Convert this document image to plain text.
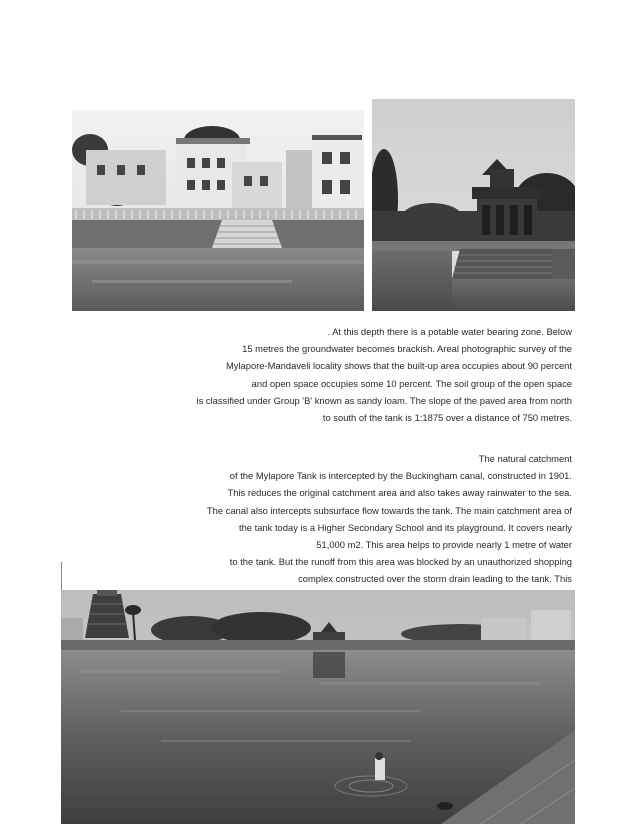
. At this depth there is a potable water bearing zone. Below
15 metres the groundwater becomes brackish. Areal photographic survey of the
Mylapore-Mandaveli locality shows that the built-up area occupies about 90 percent
and open space occupies some 10 percent. The soil group of the open space
is classified under Group 'B' known as sandy loam. The slope of the paved area from north
to south of the tank is 1:1875 over a distance of 750 metres.
The natural catchment
of the Mylapore Tank is intercepted by the Buckingham canal, constructed in 1901.
This reduces the original catchment area and also takes away rainwater to the sea.
The canal also intercepts subsurface flow towards the tank. The main catchment area of
the tank today is a Higher Secondary School and its playground. It covers nearly
51,000 m2. This area helps to provide nearly 1 metre of water
to the tank. But the runoff from this area was blocked by an unauthorized shopping
complex constructed over the storm drain leading to the tank. This
